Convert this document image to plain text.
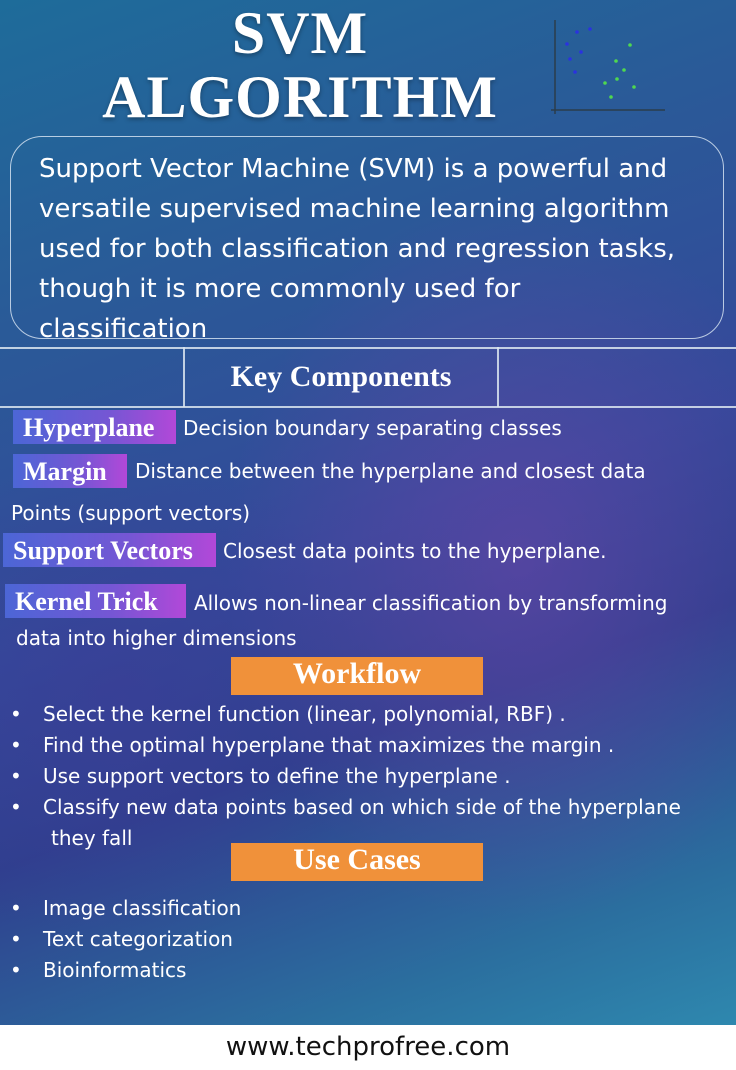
SVM
ALGORITHM
Support Vector Machine (SVM) is a powerful and
versatile supervised machine learning algorithm
used for both classification and regression tasks,
though it is more commonly used for
classification
Key Components
Hyperplane	Decision boundary separating classes
Margin	Distance between the hyperplane and closest data
Points (support vectors)
Support Vectors	Closest data points to the hyperplane.
Kernel Trick	Allows non-linear classification by transforming
data into higher dimensions
Workflow
• Select the kernel function (linear, polynomial, RBF) .
• Find the optimal hyperplane that maximizes the margin .
• Use support vectors to define the hyperplane .
• Classify new data points based on which side of the hyperplane
they fall
Use Cases
• Image classification
• Text categorization
• Bioinformatics
www.techprofree.com
